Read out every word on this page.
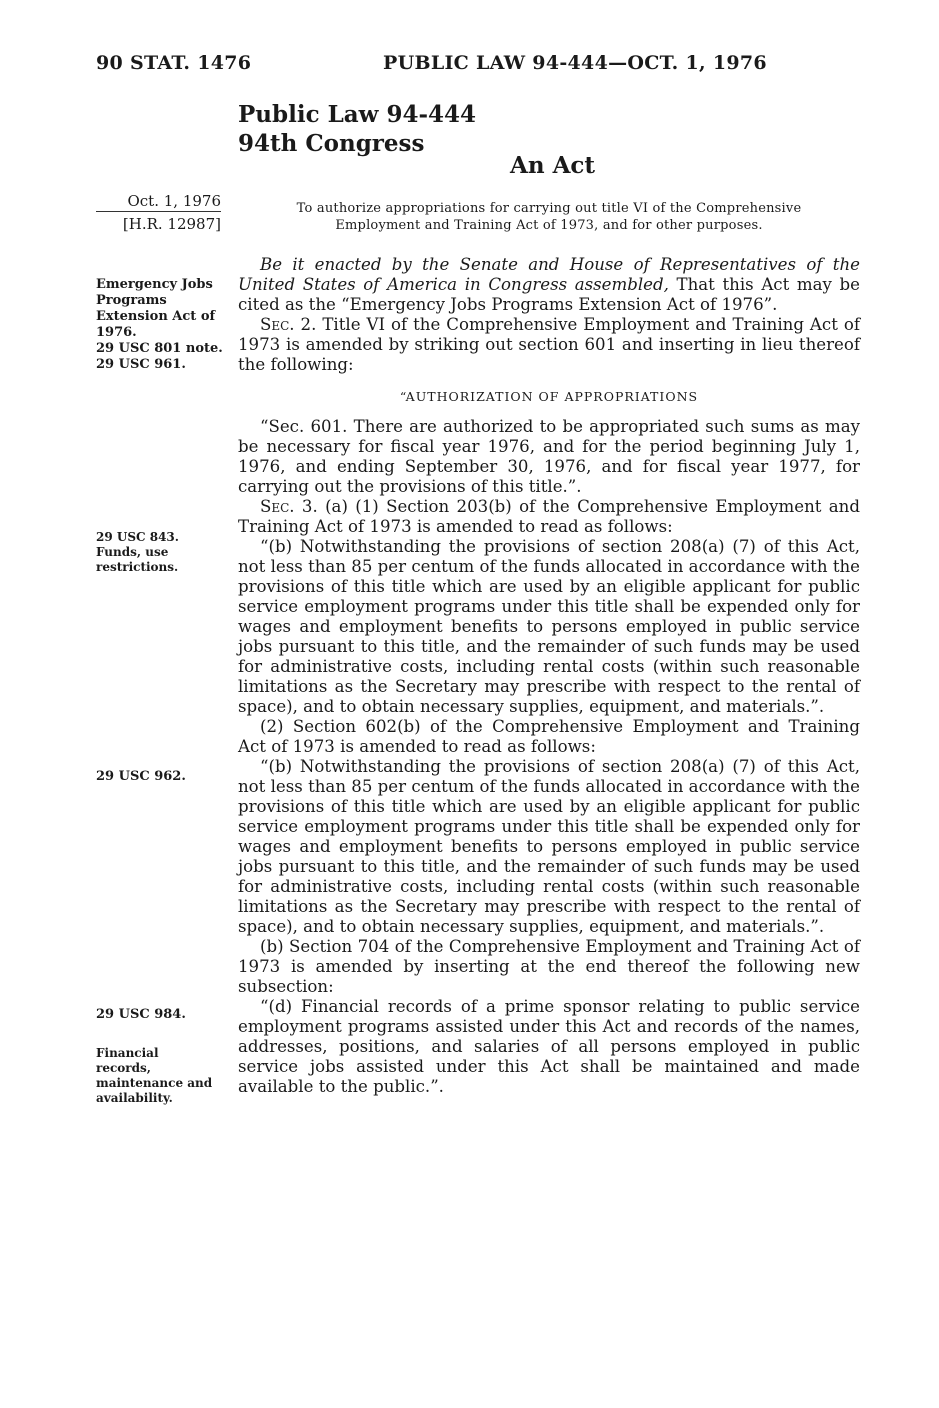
90 STAT. 1476	PUBLIC LAW 94-444—OCT. 1, 1976
Public Law 94-444
94th Congress
An Act
Oct. 1, 1976
[H.R. 12987]
To authorize appropriations for carrying out title VI of the Comprehensive
Employment and Training Act of 1973, and for other purposes.
Emergency Jobs
Programs
Extension Act of
1976.
29 USC 801 note.
29 USC 961.
29 USC 843.
Funds, use
restrictions.
29 USC 962.
29 USC 984.
Financial
records,
maintenance and
availability.

Be it enacted by the Senate and House of Representatives of the United States of America in Congress assembled, That this Act may be cited as the “Emergency Jobs Programs Extension Act of 1976”.

Sec. 2. Title VI of the Comprehensive Employment and Training Act of 1973 is amended by striking out section 601 and inserting in lieu thereof the following:

“AUTHORIZATION OF APPROPRIATIONS

“Sec. 601. There are authorized to be appropriated such sums as may be necessary for fiscal year 1976, and for the period beginning July 1, 1976, and ending September 30, 1976, and for fiscal year 1977, for carrying out the provisions of this title.”.

Sec. 3. (a) (1) Section 203(b) of the Comprehensive Employment and Training Act of 1973 is amended to read as follows:

“(b) Notwithstanding the provisions of section 208(a) (7) of this Act, not less than 85 per centum of the funds allocated in accordance with the provisions of this title which are used by an eligible applicant for public service employment programs under this title shall be expended only for wages and employment benefits to persons employed in public service jobs pursuant to this title, and the remainder of such funds may be used for administrative costs, including rental costs (within such reasonable limitations as the Secretary may prescribe with respect to the rental of space), and to obtain necessary supplies, equipment, and materials.”.

(2) Section 602(b) of the Comprehensive Employment and Training Act of 1973 is amended to read as follows:

“(b) Notwithstanding the provisions of section 208(a) (7) of this Act, not less than 85 per centum of the funds allocated in accordance with the provisions of this title which are used by an eligible applicant for public service employment programs under this title shall be expended only for wages and employment benefits to persons employed in public service jobs pursuant to this title, and the remainder of such funds may be used for administrative costs, including rental costs (within such reasonable limitations as the Secretary may prescribe with respect to the rental of space), and to obtain necessary supplies, equipment, and materials.”.

(b) Section 704 of the Comprehensive Employment and Training Act of 1973 is amended by inserting at the end thereof the following new subsection:

“(d) Financial records of a prime sponsor relating to public service employment programs assisted under this Act and records of the names, addresses, positions, and salaries of all persons employed in public service jobs assisted under this Act shall be maintained and made available to the public.”.
